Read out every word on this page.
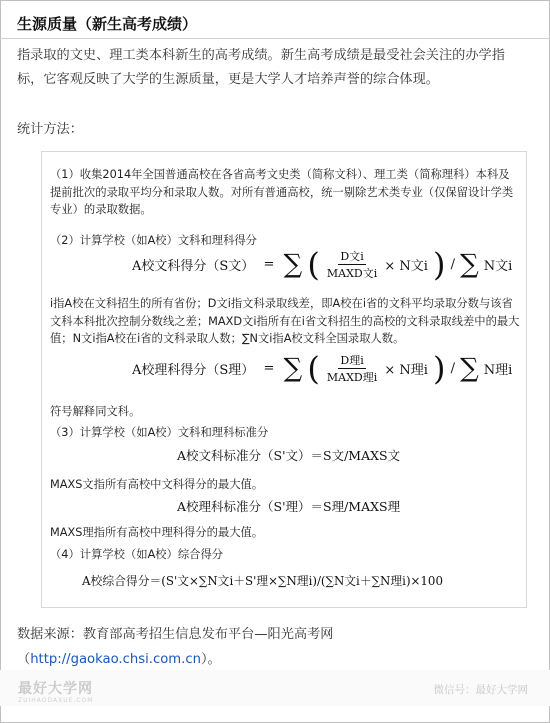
生源质量（新生高考成绩）
指录取的文史、理工类本科新生的高考成绩。新生高考成绩是最受社会关注的办学指标，它客观反映了大学的生源质量，更是大学人才培养声誉的综合体现。
统计方法：
（1）收集2014年全国普通高校在各省高考文史类（简称文科）、理工类（简称理科）本科及提前批次的录取平均分和录取人数。对所有普通高校，统一剔除艺术类专业（仅保留设计学类专业）的录取数据。
（2）计算学校（如A校）文科和理科得分
A校文科得分（S文）  =  ∑ ( $\frac{\text{D文i}}{\text{MAXD文i}} \times N$文i ) / ∑ N文i
i指A校在文科招生的所有省份；D文i指文科录取线差，即A校在i省的文科平均录取分数与该省文科本科批次控制分数线之差；MAXD文i指所有在i省文科招生的高校的文科录取线差中的最大值；N文i指A校在i省的文科录取人数；∑N文i指A校文科全国录取人数。
A校理科得分（S理）  =  ∑ ( $\frac{\text{D理i}}{\text{MAXD理i}} \times N$理i ) / ∑ N理i
符号解释同文科。
（3）计算学校（如A校）文科和理科标准分
A校文科标准分（S'文）＝S文/MAXS文
MAXS文指所有高校中文科得分的最大值。
A校理科标准分（S'理）＝S理/MAXS理
MAXS理指所有高校中理科得分的最大值。
（4）计算学校（如A校）综合得分
A校综合得分＝(S'文×∑N文i＋S'理×∑N理i)/(∑N文i＋∑N理i)×100
数据来源：教育部高考招生信息发布平台—阳光高考网
（http://gaokao.chsi.com.cn）。
最好大学网
ZUIHAODAXUE.COM
微信号：最好大学网
